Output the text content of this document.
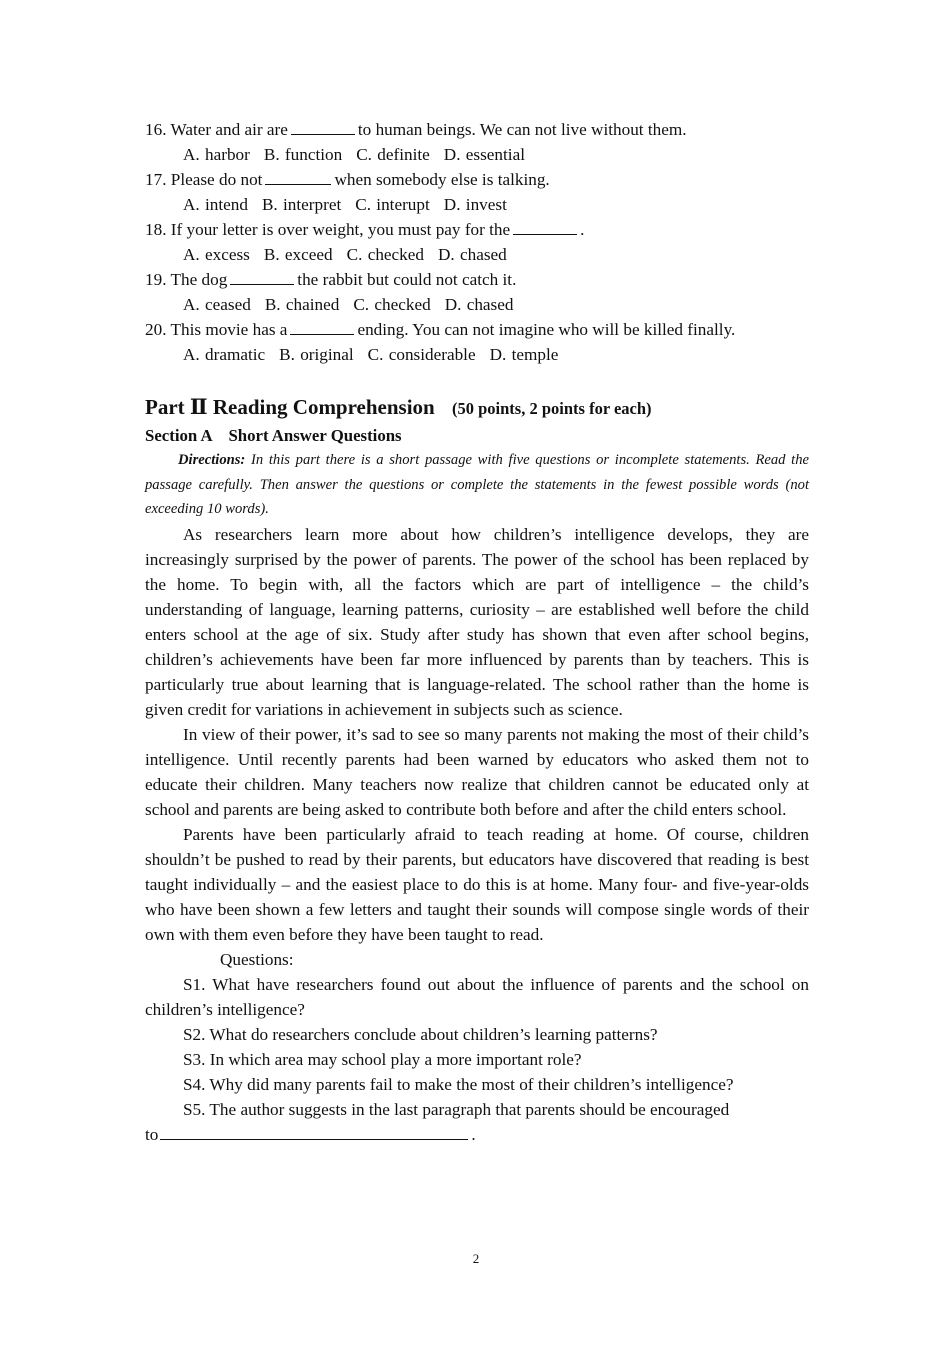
16. Water and air are	to human beings. We can not live without them.
A. harbor B. function C. definite D. essential
17. Please do not	when somebody else is talking.
A. intend B. interpret C. interupt D. invest
18. If your letter is over weight, you must pay for the	.
A. excess B. exceed C. checked D. chased
19. The dog	the rabbit but could not catch it.
A. ceased B. chained C. checked D. chased
20. This movie has a	ending. You can not imagine who will be killed finally.
A. dramatic B. original C. considerable D. temple
Part Ⅱ Reading Comprehension (50 points, 2 points for each)
Section A    Short Answer Questions
Directions: In this part there is a short passage with five questions or incomplete statements. Read the passage carefully. Then answer the questions or complete the statements in the fewest possible words (not exceeding 10 words).
As researchers learn more about how children’s intelligence develops, they are increasingly surprised by the power of parents. The power of the school has been replaced by the home. To begin with, all the factors which are part of intelligence – the child’s understanding of language, learning patterns, curiosity – are established well before the child enters school at the age of six. Study after study has shown that even after school begins, children’s achievements have been far more influenced by parents than by teachers. This is particularly true about learning that is language-related. The school rather than the home is given credit for variations in achievement in subjects such as science.
In view of their power, it’s sad to see so many parents not making the most of their child’s intelligence. Until recently parents had been warned by educators who asked them not to educate their children. Many teachers now realize that children cannot be educated only at school and parents are being asked to contribute both before and after the child enters school.
Parents have been particularly afraid to teach reading at home. Of course, children shouldn’t be pushed to read by their parents, but educators have discovered that reading is best taught individually – and the easiest place to do this is at home. Many four- and five-year-olds who have been shown a few letters and taught their sounds will compose single words of their own with them even before they have been taught to read.
Questions:
S1. What have researchers found out about the influence of parents and the school on children’s intelligence?
S2. What do researchers conclude about children’s learning patterns?
S3. In which area may school play a more important role?
S4. Why did many parents fail to make the most of their children’s intelligence?
S5. The author suggests in the last paragraph that parents should be encouraged
to	.
2
